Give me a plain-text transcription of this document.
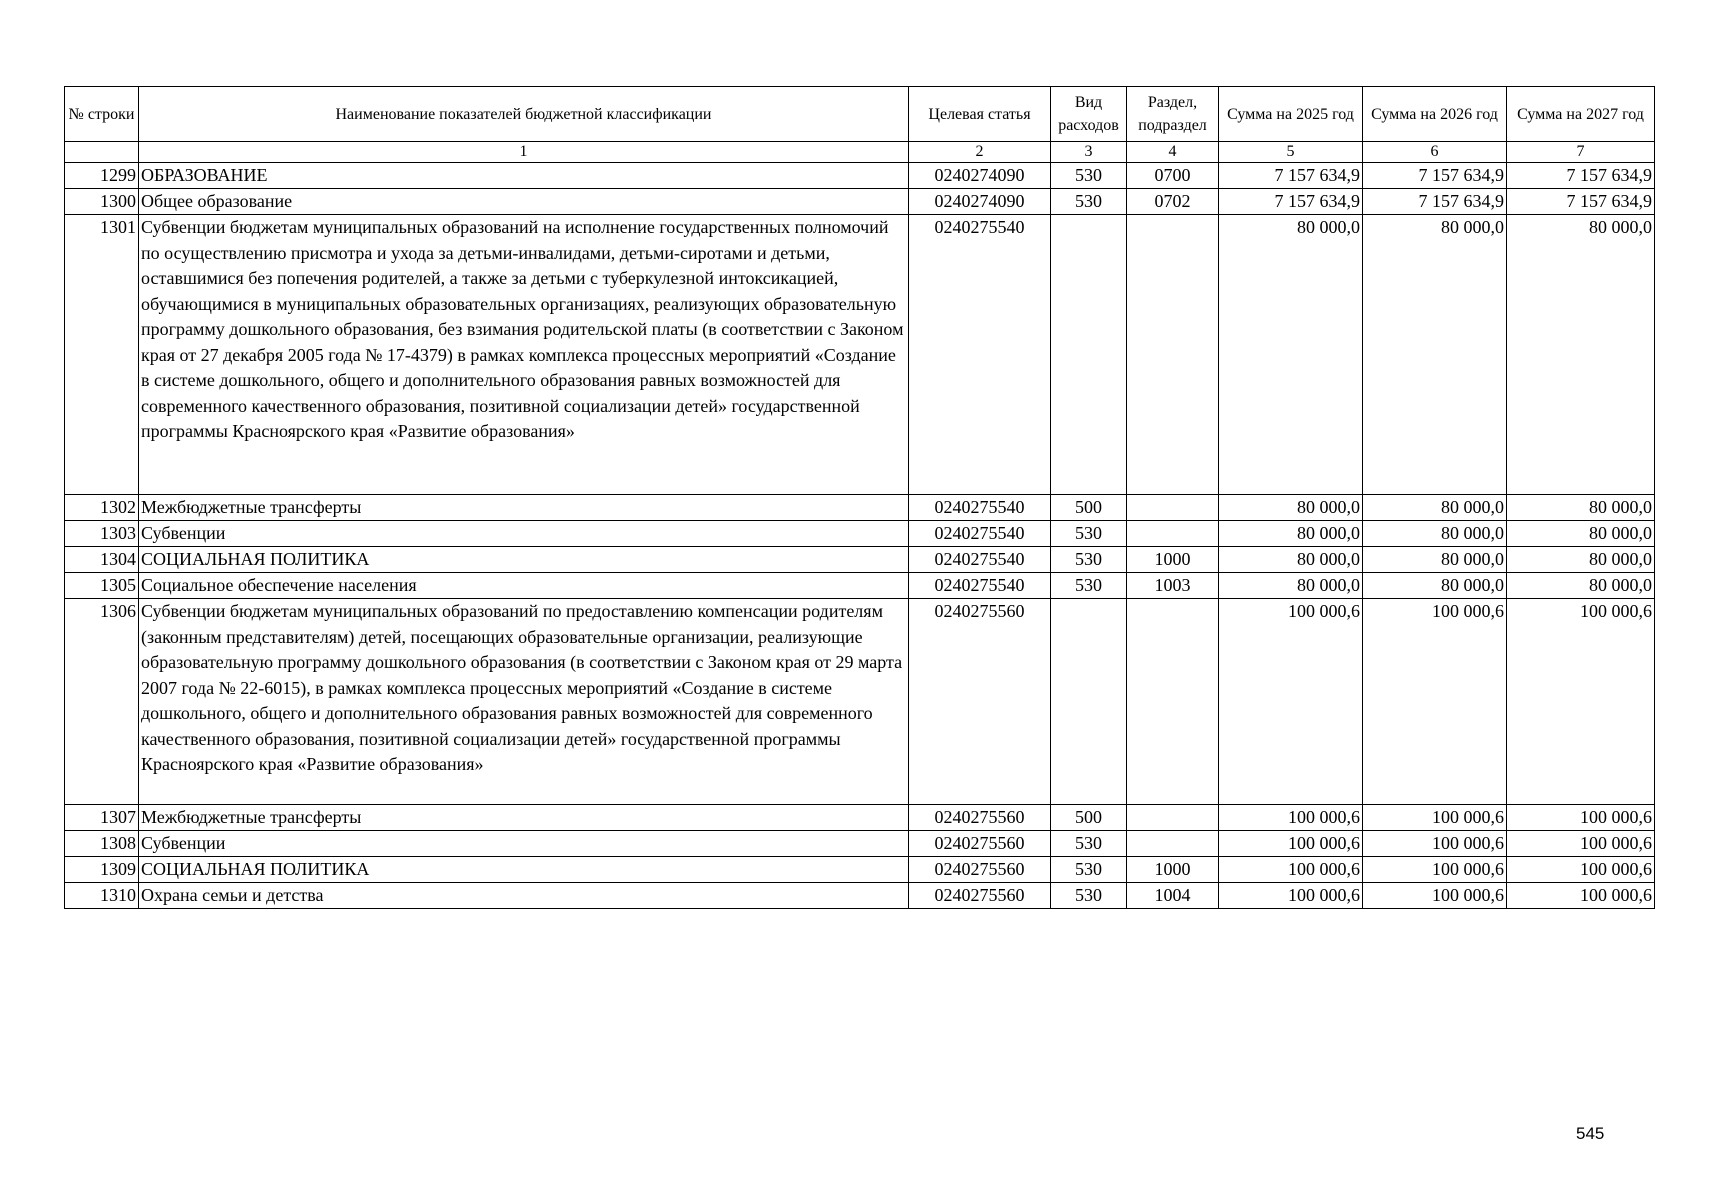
№ строки	Наименование показателей бюджетной классификации	Целевая статья	Вид расходов	Раздел, подраздел	Сумма на 2025 год	Сумма на 2026 год	Сумма на 2027 год
	1	2	3	4	5	6	7
1299	ОБРАЗОВАНИЕ	0240274090	530	0700	7 157 634,9	7 157 634,9	7 157 634,9
1300	Общее образование	0240274090	530	0702	7 157 634,9	7 157 634,9	7 157 634,9
1301	Субвенции бюджетам муниципальных образований на исполнение государственных полномочий по осуществлению присмотра и ухода за детьми-инвалидами, детьми-сиротами и детьми, оставшимися без попечения родителей, а также за детьми с туберкулезной интоксикацией, обучающимися в муниципальных образовательных организациях, реализующих образовательную программу дошкольного образования, без взимания родительской платы (в соответствии с Законом края от 27 декабря 2005 года № 17-4379) в рамках комплекса процессных мероприятий «Создание в системе дошкольного, общего и дополнительного образования равных возможностей для современного качественного образования, позитивной социализации детей» государственной программы Красноярского края «Развитие образования»	0240275540			80 000,0	80 000,0	80 000,0
1302	Межбюджетные трансферты	0240275540	500		80 000,0	80 000,0	80 000,0
1303	Субвенции	0240275540	530		80 000,0	80 000,0	80 000,0
1304	СОЦИАЛЬНАЯ ПОЛИТИКА	0240275540	530	1000	80 000,0	80 000,0	80 000,0
1305	Социальное обеспечение населения	0240275540	530	1003	80 000,0	80 000,0	80 000,0
1306	Субвенции бюджетам муниципальных образований по предоставлению компенсации родителям (законным представителям) детей, посещающих образовательные организации, реализующие образовательную программу дошкольного образования (в соответствии с Законом края от 29 марта 2007 года № 22-6015), в рамках комплекса процессных мероприятий «Создание в системе дошкольного, общего и дополнительного образования равных возможностей для современного качественного образования, позитивной социализации детей» государственной программы Красноярского края «Развитие образования»	0240275560			100 000,6	100 000,6	100 000,6
1307	Межбюджетные трансферты	0240275560	500		100 000,6	100 000,6	100 000,6
1308	Субвенции	0240275560	530		100 000,6	100 000,6	100 000,6
1309	СОЦИАЛЬНАЯ ПОЛИТИКА	0240275560	530	1000	100 000,6	100 000,6	100 000,6
1310	Охрана семьи и детства	0240275560	530	1004	100 000,6	100 000,6	100 000,6
545
